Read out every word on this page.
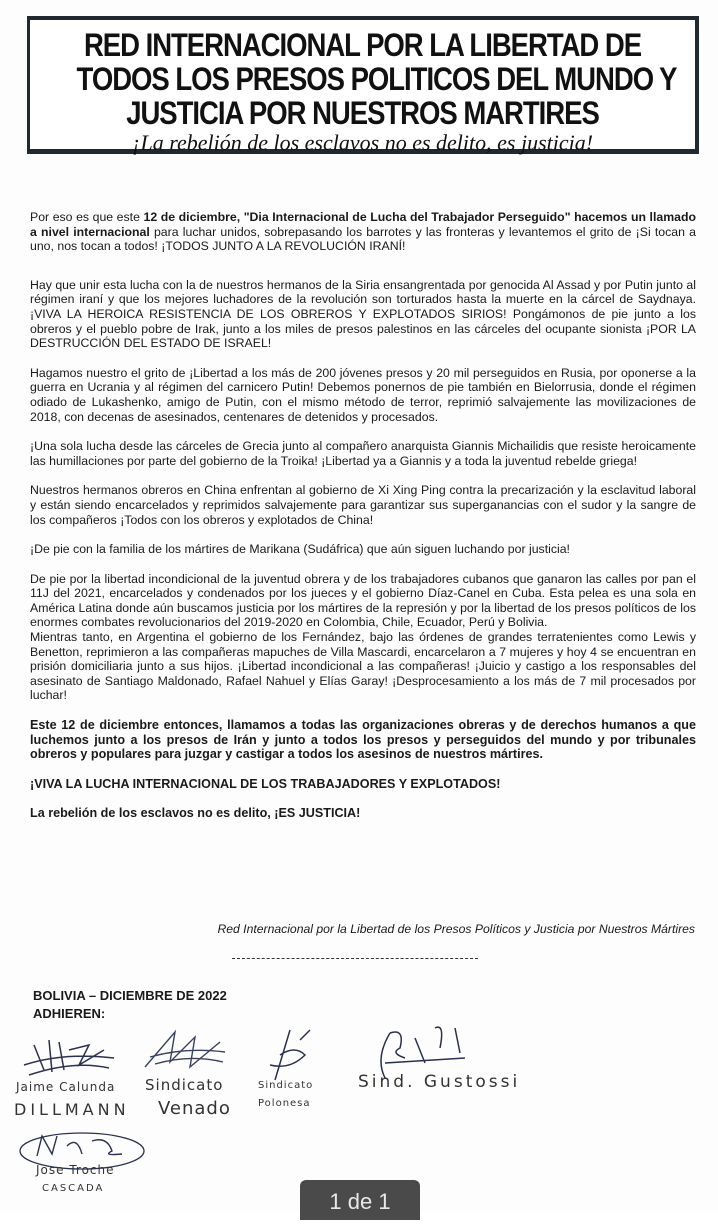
RED INTERNACIONAL POR LA LIBERTAD DE
TODOS LOS PRESOS POLITICOS DEL MUNDO Y
JUSTICIA POR NUESTROS MARTIRES
¡La rebelión de los esclavos no es delito, es justicia!

Por eso es que este 12 de diciembre, "Dia Internacional de Lucha del Trabajador Perseguido" hacemos un llamado a nivel internacional para luchar unidos, sobrepasando los barrotes y las fronteras y levantemos el grito de ¡Si tocan a uno, nos tocan a todos! ¡TODOS JUNTO A LA REVOLUCIÓN IRANÍ!

Hay que unir esta lucha con la de nuestros hermanos de la Siria ensangrentada por genocida Al Assad y por Putin junto al régimen iraní y que los mejores luchadores de la revolución son torturados hasta la muerte en la cárcel de Saydnaya. ¡VIVA LA HEROICA RESISTENCIA DE LOS OBREROS Y EXPLOTADOS SIRIOS! Pongámonos de pie junto a los obreros y el pueblo pobre de Irak, junto a los miles de presos palestinos en las cárceles del ocupante sionista ¡POR LA DESTRUCCIÓN DEL ESTADO DE ISRAEL!

Hagamos nuestro el grito de ¡Libertad a los más de 200 jóvenes presos y 20 mil perseguidos en Rusia, por oponerse a la guerra en Ucrania y al régimen del carnicero Putin! Debemos ponernos de pie también en Bielorrusia, donde el régimen odiado de Lukashenko, amigo de Putin, con el mismo método de terror, reprimió salvajemente las movilizaciones de 2018, con decenas de asesinados, centenares de detenidos y procesados.

¡Una sola lucha desde las cárceles de Grecia junto al compañero anarquista Giannis Michailidis que resiste heroicamente las humillaciones por parte del gobierno de la Troika! ¡Libertad ya a Giannis y a toda la juventud rebelde griega!

Nuestros hermanos obreros en China enfrentan al gobierno de Xi Xing Ping contra la precarización y la esclavitud laboral y están siendo encarcelados y reprimidos salvajemente para garantizar sus superganancias con el sudor y la sangre de los compañeros ¡Todos con los obreros y explotados de China!

¡De pie con la familia de los mártires de Marikana (Sudáfrica) que aún siguen luchando por justicia!

De pie por la libertad incondicional de la juventud obrera y de los trabajadores cubanos que ganaron las calles por pan el 11J del 2021, encarcelados y condenados por los jueces y el gobierno Díaz-Canel en Cuba. Esta pelea es una sola en América Latina donde aún buscamos justicia por los mártires de la represión y por la libertad de los presos políticos de los enormes combates revolucionarios del 2019-2020 en Colombia, Chile, Ecuador, Perú y Bolivia.

Mientras tanto, en Argentina el gobierno de los Fernández, bajo las órdenes de grandes terratenientes como Lewis y Benetton, reprimieron a las compañeras mapuches de Villa Mascardi, encarcelaron a 7 mujeres y hoy 4 se encuentran en prisión domiciliaria junto a sus hijos. ¡Libertad incondicional a las compañeras! ¡Juicio y castigo a los responsables del asesinato de Santiago Maldonado, Rafael Nahuel y Elías Garay! ¡Desprocesamiento a los más de 7 mil procesados por luchar!

Este 12 de diciembre entonces, llamamos a todas las organizaciones obreras y de derechos humanos a que luchemos junto a los presos de Irán y junto a todos los presos y perseguidos del mundo y por tribunales obreros y populares para juzgar y castigar a todos los asesinos de nuestros mártires.

¡VIVA LA LUCHA INTERNACIONAL DE LOS TRABAJADORES Y EXPLOTADOS!

La rebelión de los esclavos no es delito, ¡ES JUSTICIA!

Red Internacional por la Libertad de los Presos Políticos y Justicia por Nuestros Mártires
BOLIVIA – DICIEMBRE DE 2022
ADHIEREN:
Jaime Calunda
DILLMANN
Sindicato
Venado
Sindicato
Polonesa
Sind. Gustossi
Jose Troche
CASCADA
1 de 1
